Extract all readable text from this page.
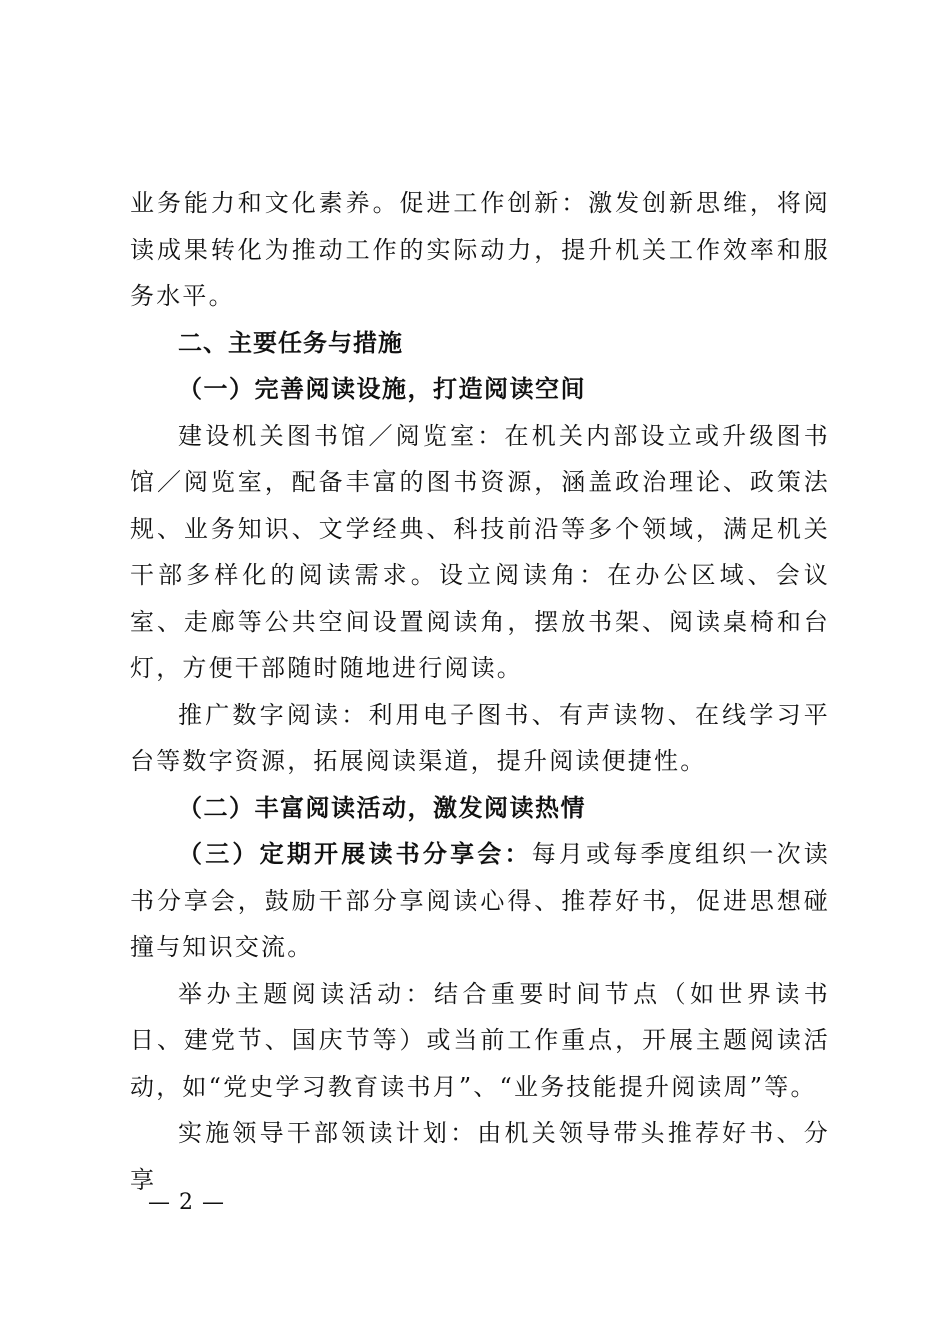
业务能力和文化素养。促进工作创新：激发创新思维，将阅读成果转化为推动工作的实际动力，提升机关工作效率和服务水平。

二、主要任务与措施

（一）完善阅读设施，打造阅读空间

建设机关图书馆／阅览室：在机关内部设立或升级图书馆／阅览室，配备丰富的图书资源，涵盖政治理论、政策法规、业务知识、文学经典、科技前沿等多个领域，满足机关干部多样化的阅读需求。设立阅读角：在办公区域、会议室、走廊等公共空间设置阅读角，摆放书架、阅读桌椅和台灯，方便干部随时随地进行阅读。

推广数字阅读：利用电子图书、有声读物、在线学习平台等数字资源，拓展阅读渠道，提升阅读便捷性。

（二）丰富阅读活动，激发阅读热情

（三）定期开展读书分享会：每月或每季度组织一次读书分享会，鼓励干部分享阅读心得、推荐好书，促进思想碰撞与知识交流。

举办主题阅读活动：结合重要时间节点（如世界读书日、建党节、国庆节等）或当前工作重点，开展主题阅读活动，如“党史学习教育读书月”、“业务技能提升阅读周”等。

实施领导干部领读计划：由机关领导带头推荐好书、分享

— 2 —
